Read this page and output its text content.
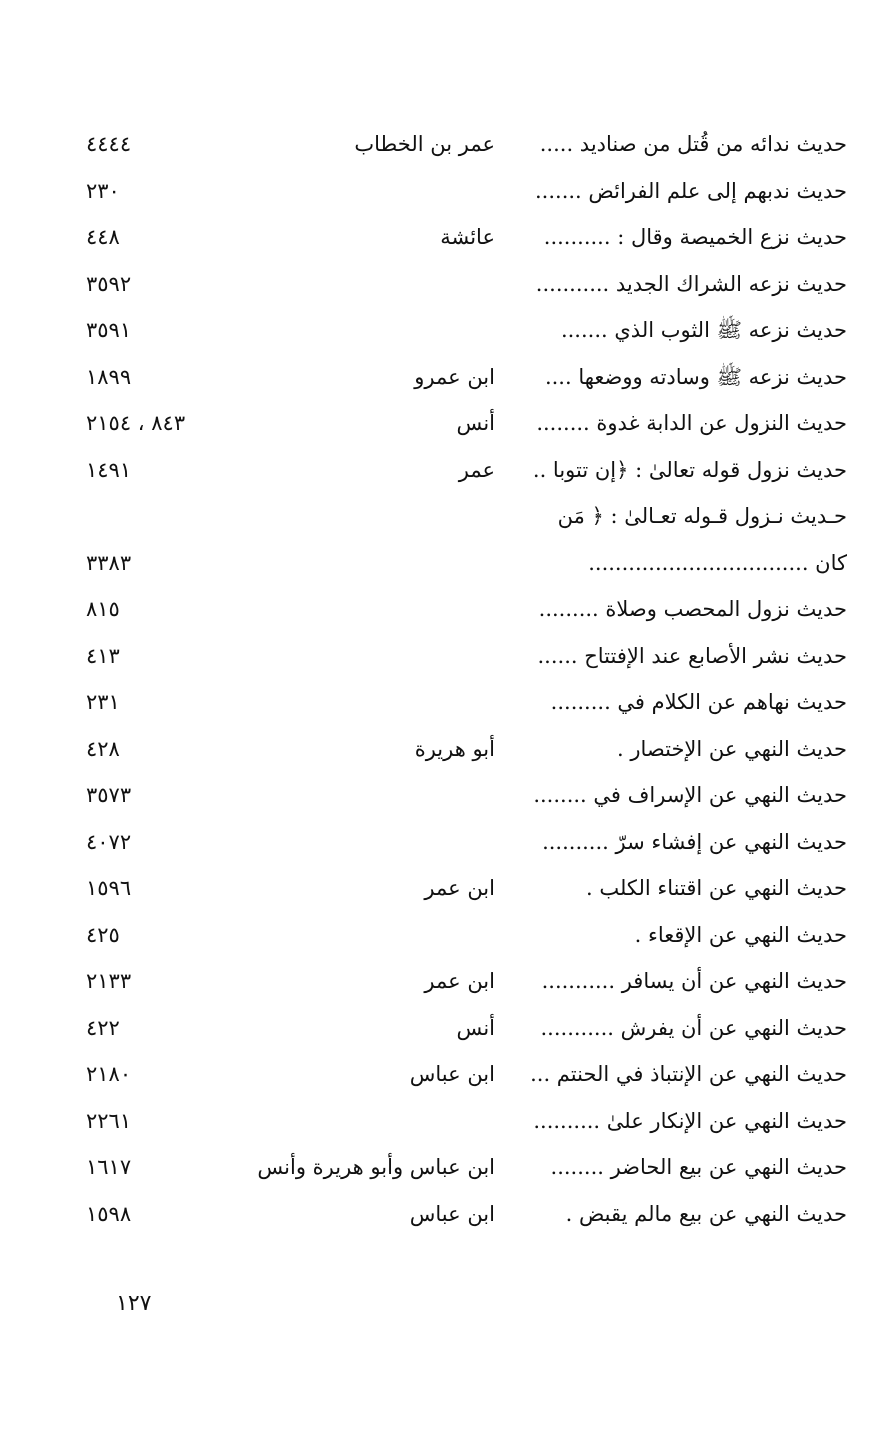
حديث ندائه من قُتل من صناديد .....
عمر بن الخطاب
٤٤٤٤
حديث ندبهم إلى علم الفرائض .......
٢٣٠
حديث نزع الخميصة وقال : ..........
عائشة
٤٤٨
حديث نزعه الشراك الجديد ...........
٣٥٩٢
حديث نزعه ﷺ الثوب الذي .......
٣٥٩١
حديث نزعه ﷺ وسادته ووضعها ....
ابن عمرو
١٨٩٩
حديث النزول عن الدابة غدوة ........
أنس
٨٤٣ ، ٢١٥٤
حديث نزول قوله تعالىٰ : ﴿إن تتوبا ..
عمر
١٤٩١
حـديث نـزول قـوله تعـالىٰ : ﴿ مَن
كان .................................
٣٣٨٣
حديث نزول المحصب وصلاة .........
٨١٥
حديث نشر الأصابع عند الإفتتاح ......
٤١٣
حديث نهاهم عن الكلام في .........
٢٣١
حديث النهي عن الإختصار .
أبو هريرة
٤٢٨
حديث النهي عن الإسراف في ........
٣٥٧٣
حديث النهي عن إفشاء سرّ ..........
٤٠٧٢
حديث النهي عن اقتناء الكلب .
ابن عمر
١٥٩٦
حديث النهي عن الإقعاء .
٤٢٥
حديث النهي عن أن يسافر ...........
ابن عمر
٢١٣٣
حديث النهي عن أن يفرش ...........
أنس
٤٢٢
حديث النهي عن الإنتباذ في الحنتم ...
ابن عباس
٢١٨٠
حديث النهي عن الإنكار علىٰ ..........
٢٢٦١
حديث النهي عن بيع الحاضر ........
ابن عباس وأبو هريرة وأنس
١٦١٧
حديث النهي عن بيع مالم يقبض .
ابن عباس
١٥٩٨
١٢٧
